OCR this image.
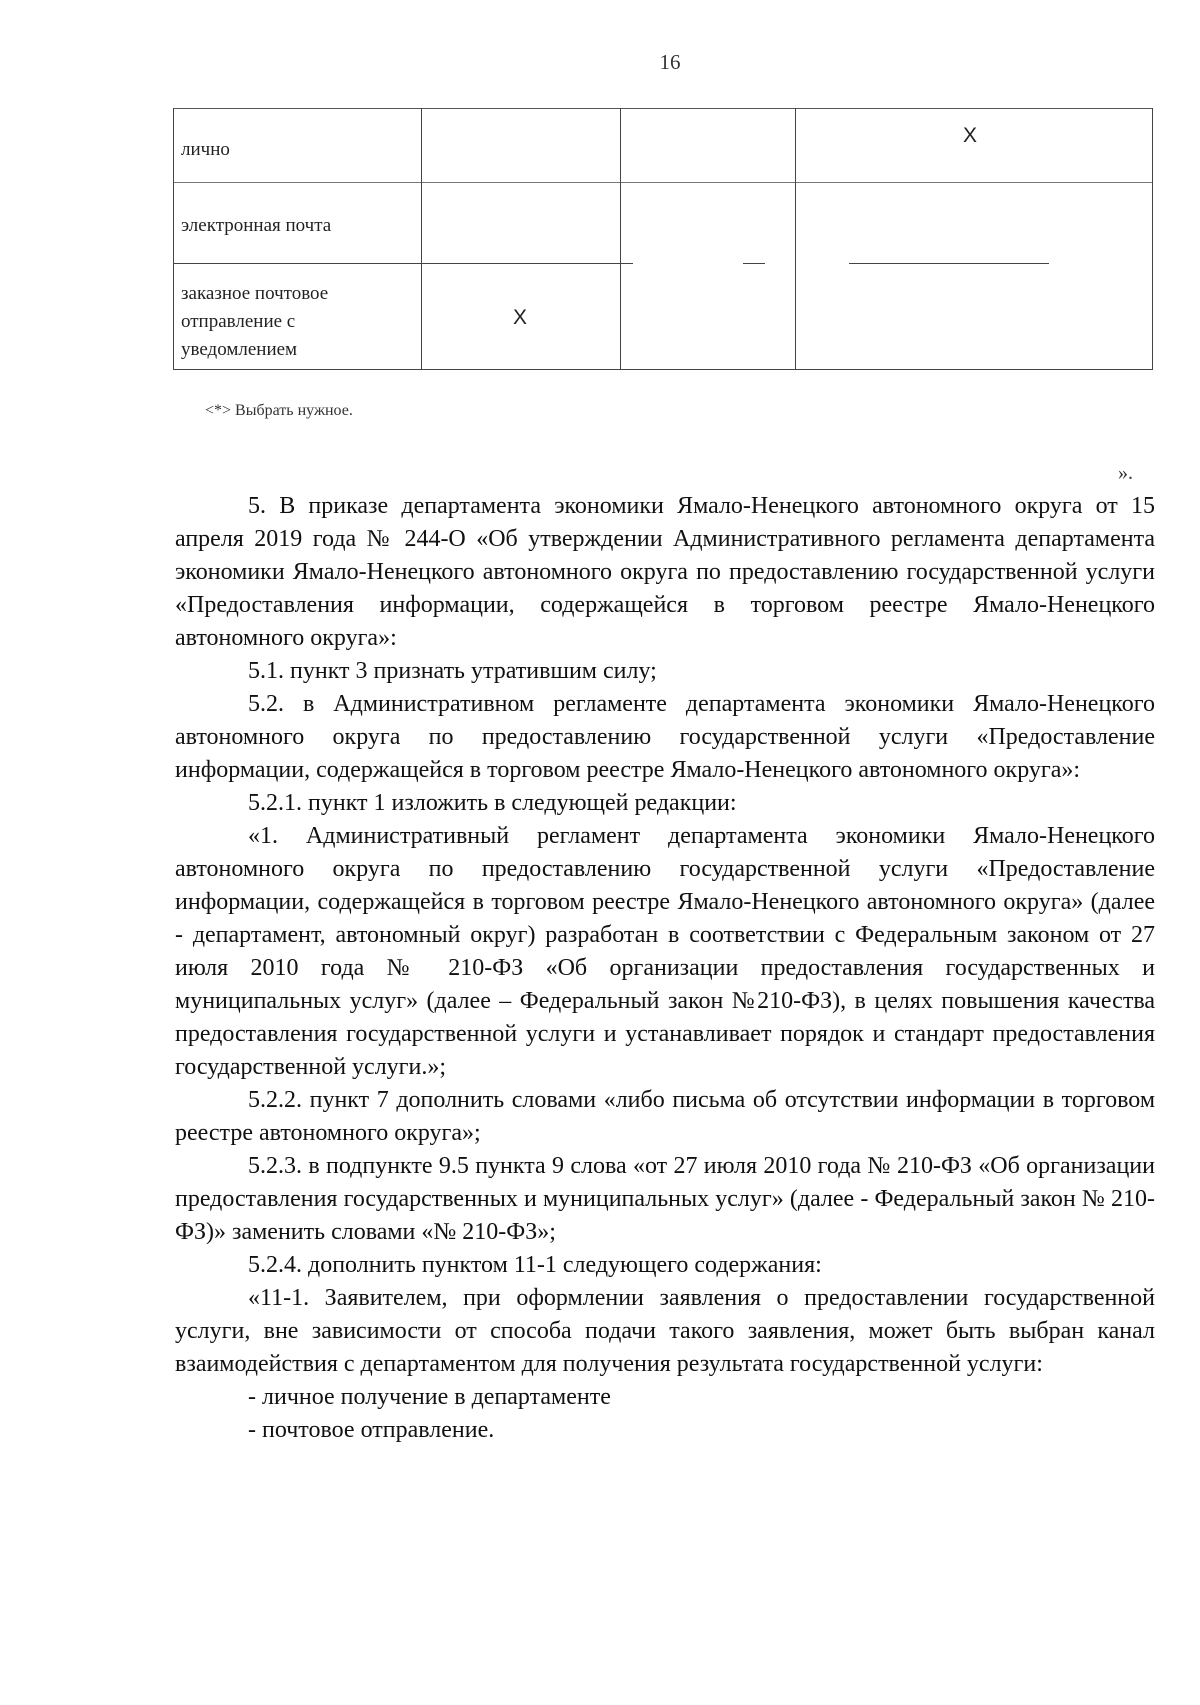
16
лично
X
электронная почта
заказное почтовое
отправление с
уведомлением
X
<*> Выбрать нужное.
».

5. В приказе департамента экономики Ямало-Ненецкого автономного округа от 15 апреля 2019 года № 244-О «Об утверждении Административного регламента департамента экономики Ямало-Ненецкого автономного округа по предоставлению государственной услуги «Предоставления информации, содержащейся в торговом реестре Ямало-Ненецкого автономного округа»:

5.1. пункт 3 признать утратившим силу;

5.2. в Административном регламенте департамента экономики Ямало-Ненецкого автономного округа по предоставлению государственной услуги «Предоставление информации, содержащейся в торговом реестре Ямало-Ненецкого автономного округа»:

5.2.1. пункт 1 изложить в следующей редакции:

«1. Административный регламент департамента экономики Ямало-Ненецкого автономного округа по предоставлению государственной услуги «Предоставление информации, содержащейся в торговом реестре Ямало-Ненецкого автономного округа» (далее - департамент, автономный округ) разработан в соответствии с Федеральным законом от 27 июля 2010 года № 210-ФЗ «Об организации предоставления государственных и муниципальных услуг» (далее – Федеральный закон №210-ФЗ), в целях повышения качества предоставления государственной услуги и устанавливает порядок и стандарт предоставления государственной услуги.»;

5.2.2. пункт 7 дополнить словами «либо письма об отсутствии информации в торговом реестре автономного округа»;

5.2.3. в подпункте 9.5 пункта 9 слова «от 27 июля 2010 года № 210-ФЗ «Об организации предоставления государственных и муниципальных услуг» (далее - Федеральный закон № 210-ФЗ)» заменить словами «№ 210-ФЗ»;

5.2.4. дополнить пунктом 11-1 следующего содержания:

«11-1. Заявителем, при оформлении заявления о предоставлении государственной услуги, вне зависимости от способа подачи такого заявления, может быть выбран канал взаимодействия с департаментом для получения результата государственной услуги:

- личное получение в департаменте

- почтовое отправление.
